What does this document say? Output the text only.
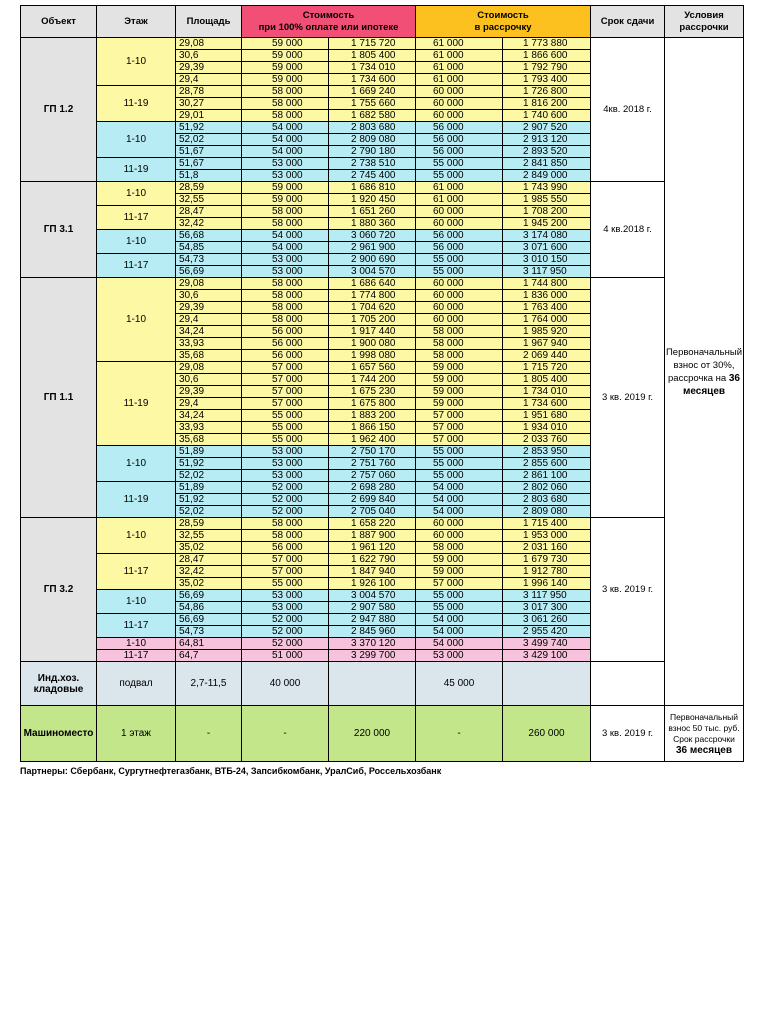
Объект	Этаж	Площадь	Стоимость
при 100% оплате или ипотеке		Стоимость
в рассрочку		Срок сдачи	Условия
рассрочки
ГП 1.2	1-10	29,08	59 000	1 715 720	61 000	1 773 880	4кв. 2018 г.	Первоначальный
взнос от 30%,
рассрочка на 36
месяцев
		30,6	59 000	1 805 400	61 000	1 866 600		
		29,39	59 000	1 734 010	61 000	1 792 790		
		29,4	59 000	1 734 600	61 000	1 793 400		
	11-19	28,78	58 000	1 669 240	60 000	1 726 800		
		30,27	58 000	1 755 660	60 000	1 816 200		
		29,01	58 000	1 682 580	60 000	1 740 600		
	1-10	51,92	54 000	2 803 680	56 000	2 907 520		
		52,02	54 000	2 809 080	56 000	2 913 120		
		51,67	54 000	2 790 180	56 000	2 893 520		
	11-19	51,67	53 000	2 738 510	55 000	2 841 850		
		51,8	53 000	2 745 400	55 000	2 849 000		
ГП 3.1	1-10	28,59	59 000	1 686 810	61 000	1 743 990	4 кв.2018 г.	
		32,55	59 000	1 920 450	61 000	1 985 550		
	11-17	28,47	58 000	1 651 260	60 000	1 708 200		
		32,42	58 000	1 880 360	60 000	1 945 200		
	1-10	56,68	54 000	3 060 720	56 000	3 174 080		
		54,85	54 000	2 961 900	56 000	3 071 600		
	11-17	54,73	53 000	2 900 690	55 000	3 010 150		
		56,69	53 000	3 004 570	55 000	3 117 950		
ГП 1.1	1-10	29,08	58 000	1 686 640	60 000	1 744 800	3 кв. 2019 г.	
		30,6	58 000	1 774 800	60 000	1 836 000		
		29,39	58 000	1 704 620	60 000	1 763 400		
		29,4	58 000	1 705 200	60 000	1 764 000		
		34,24	56 000	1 917 440	58 000	1 985 920		
		33,93	56 000	1 900 080	58 000	1 967 940		
		35,68	56 000	1 998 080	58 000	2 069 440		
	11-19	29,08	57 000	1 657 560	59 000	1 715 720		
		30,6	57 000	1 744 200	59 000	1 805 400		
		29,39	57 000	1 675 230	59 000	1 734 010		
		29,4	57 000	1 675 800	59 000	1 734 600		
		34,24	55 000	1 883 200	57 000	1 951 680		
		33,93	55 000	1 866 150	57 000	1 934 010		
		35,68	55 000	1 962 400	57 000	2 033 760		
	1-10	51,89	53 000	2 750 170	55 000	2 853 950		
		51,92	53 000	2 751 760	55 000	2 855 600		
		52,02	53 000	2 757 060	55 000	2 861 100		
	11-19	51,89	52 000	2 698 280	54 000	2 802 060		
		51,92	52 000	2 699 840	54 000	2 803 680		
		52,02	52 000	2 705 040	54 000	2 809 080		
ГП 3.2	1-10	28,59	58 000	1 658 220	60 000	1 715 400	3 кв. 2019 г.	
		32,55	58 000	1 887 900	60 000	1 953 000		
		35,02	56 000	1 961 120	58 000	2 031 160		
	11-17	28,47	57 000	1 622 790	59 000	1 679 730		
		32,42	57 000	1 847 940	59 000	1 912 780		
		35,02	55 000	1 926 100	57 000	1 996 140		
	1-10	56,69	53 000	3 004 570	55 000	3 117 950		
		54,86	53 000	2 907 580	55 000	3 017 300		
	11-17	56,69	52 000	2 947 880	54 000	3 061 260		
		54,73	52 000	2 845 960	54 000	2 955 420		
	1-10	64,81	52 000	3 370 120	54 000	3 499 740		
	11-17	64,7	51 000	3 299 700	53 000	3 429 100		
Инд.хоз.
кладовые	подвал	2,7-11,5	40 000		45 000			
Машиноместо	1 этаж	-	-	220 000	-	260 000	3 кв. 2019 г.	Первоначальный
взнос 50 тыс. руб.
Срок рассрочки
36 месяцев
Партнеры: Сбербанк, Сургутнефтегазбанк, ВТБ-24, Запсибкомбанк, УралСиб, Россельхозбанк
